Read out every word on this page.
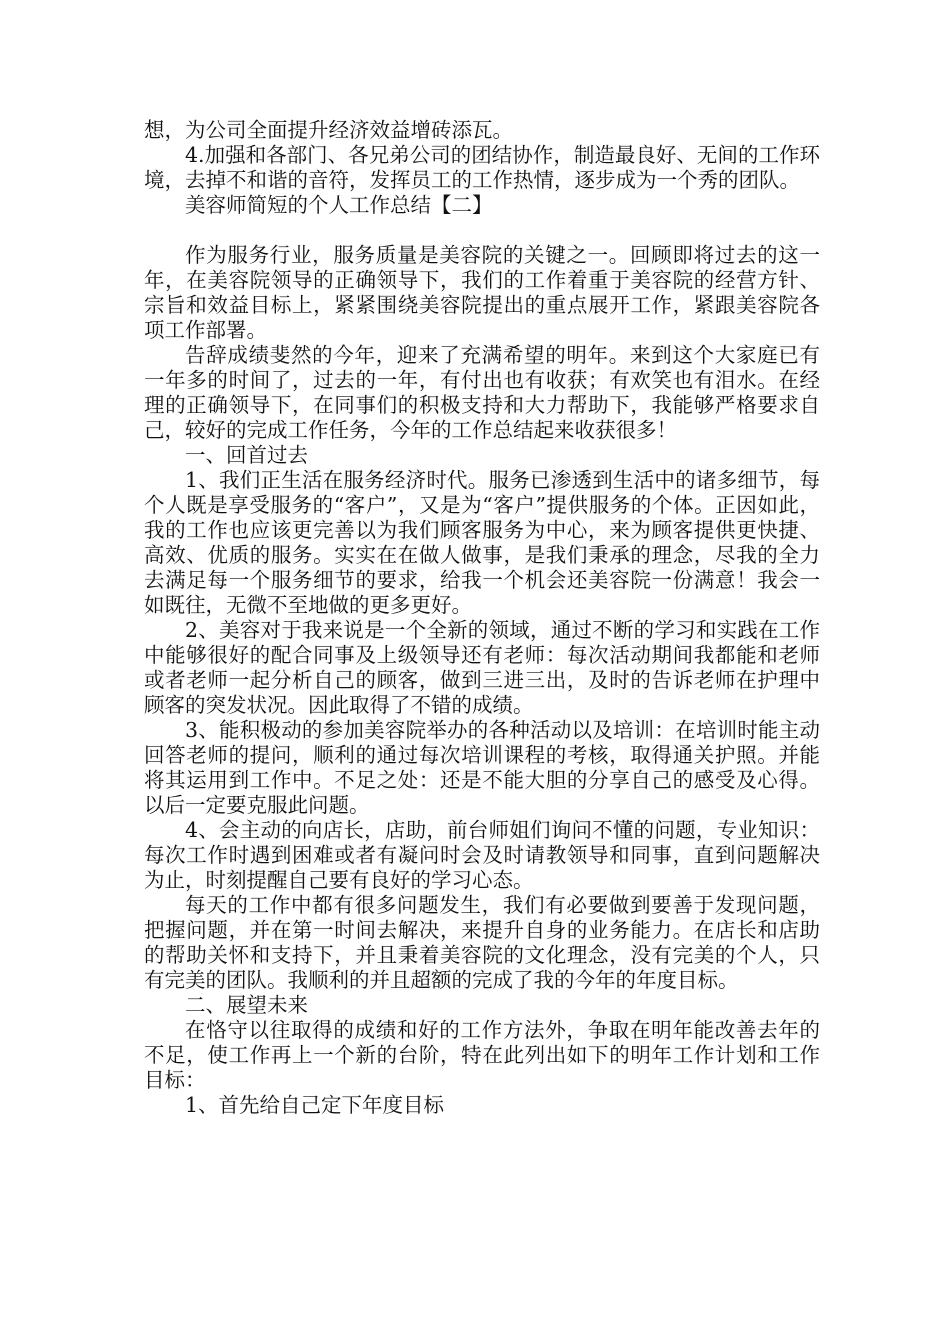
想，为公司全面提升经济效益增砖添瓦。

4.加强和各部门、各兄弟公司的团结协作，制造最良好、无间的工作环境，去掉不和谐的音符，发挥员工的工作热情，逐步成为一个秀的团队。

美容师简短的个人工作总结【二】

作为服务行业，服务质量是美容院的关键之一。回顾即将过去的这一年，在美容院领导的正确领导下，我们的工作着重于美容院的经营方针、宗旨和效益目标上，紧紧围绕美容院提出的重点展开工作，紧跟美容院各项工作部署。

告辞成绩斐然的今年，迎来了充满希望的明年。来到这个大家庭已有一年多的时间了，过去的一年，有付出也有收获；有欢笑也有泪水。在经理的正确领导下，在同事们的积极支持和大力帮助下，我能够严格要求自己，较好的完成工作任务，今年的工作总结起来收获很多！

一、回首过去

1、我们正生活在服务经济时代。服务已渗透到生活中的诸多细节，每个人既是享受服务的“客户”，又是为“客户”提供服务的个体。正因如此，我的工作也应该更完善以为我们顾客服务为中心，来为顾客提供更快捷、高效、优质的服务。实实在在做人做事，是我们秉承的理念，尽我的全力去满足每一个服务细节的要求，给我一个机会还美容院一份满意！我会一如既往，无微不至地做的更多更好。

2、美容对于我来说是一个全新的领域，通过不断的学习和实践在工作中能够很好的配合同事及上级领导还有老师：每次活动期间我都能和老师或者老师一起分析自己的顾客，做到三进三出，及时的告诉老师在护理中顾客的突发状况。因此取得了不错的成绩。

3、能积极动的参加美容院举办的各种活动以及培训：在培训时能主动回答老师的提问，顺利的通过每次培训课程的考核，取得通关护照。并能将其运用到工作中。不足之处：还是不能大胆的分享自己的感受及心得。以后一定要克服此问题。

4、会主动的向店长，店助，前台师姐们询问不懂的问题，专业知识：每次工作时遇到困难或者有凝问时会及时请教领导和同事，直到问题解决为止，时刻提醒自己要有良好的学习心态。

每天的工作中都有很多问题发生，我们有必要做到要善于发现问题，把握问题，并在第一时间去解决，来提升自身的业务能力。在店长和店助的帮助关怀和支持下，并且秉着美容院的文化理念，没有完美的个人，只有完美的团队。我顺利的并且超额的完成了我的今年的年度目标。

二、展望未来

在恪守以往取得的成绩和好的工作方法外，争取在明年能改善去年的不足，使工作再上一个新的台阶，特在此列出如下的明年工作计划和工作目标：

1、首先给自己定下年度目标
